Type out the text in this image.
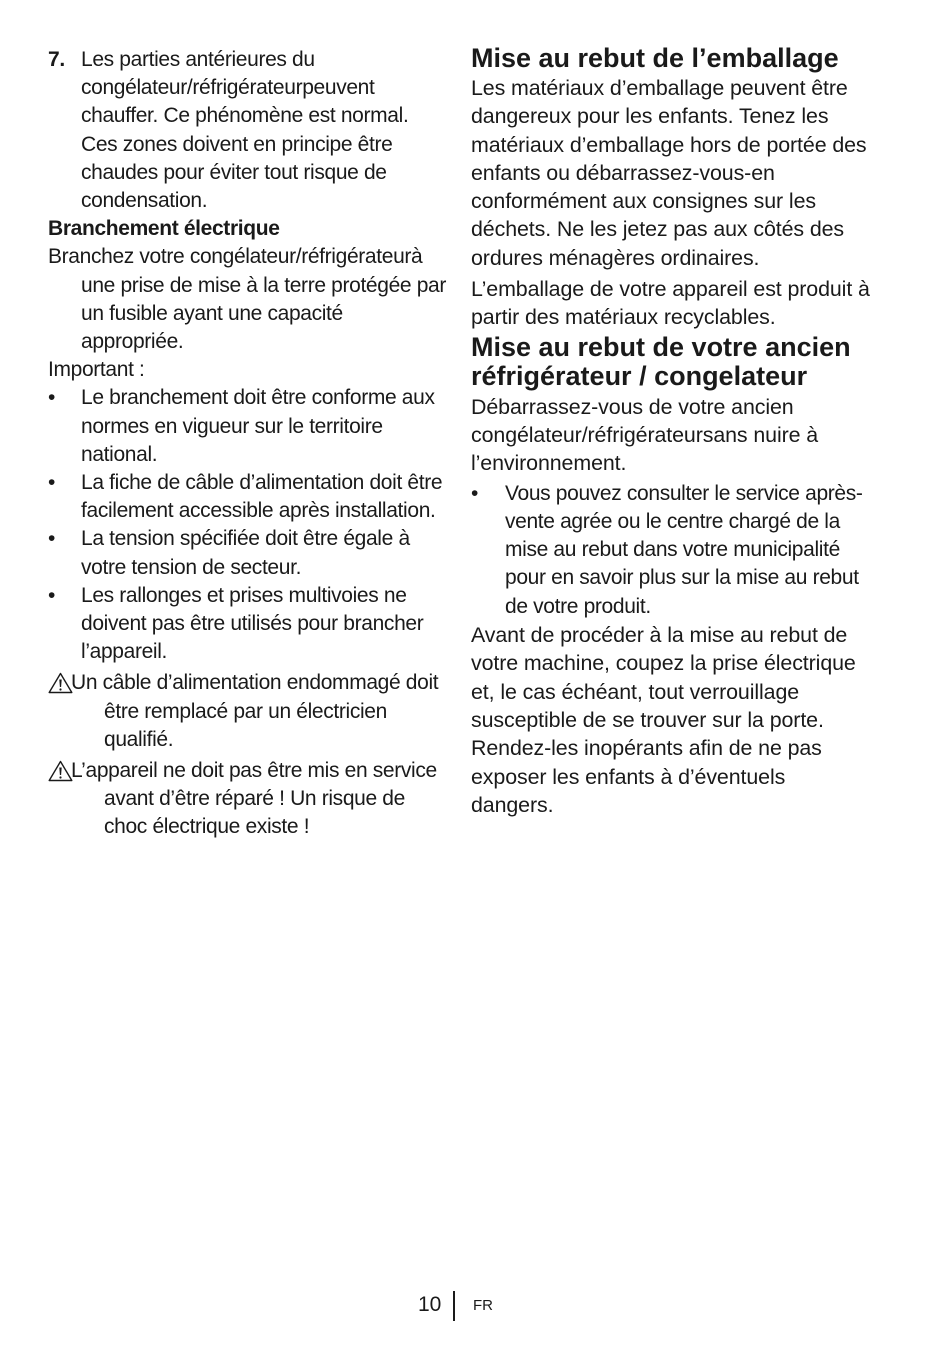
7. Les parties antérieures du congélateur/réfrigérateurpeuvent chauffer. Ce phénomène est normal. Ces zones doivent en principe être chaudes pour éviter tout risque de condensation.

Branchement électrique

Branchez votre congélateur/réfrigérateurà une prise de mise à la terre protégée par un fusible ayant une capacité appropriée.

Important :

•	Le branchement doit être conforme aux normes en vigueur sur le territoire national.
•	La fiche de câble d’alimentation doit être facilement accessible après installation.
•	La tension spécifiée doit être égale à votre tension de secteur.
•	Les rallonges et prises multivoies ne doivent pas être utilisés pour brancher l’appareil.

Un câble d’alimentation endommagé doit être remplacé par un électricien qualifié.

L’appareil ne doit pas être mis en service avant d’être réparé ! Un risque de choc électrique existe !

Mise au rebut de l’emballage

Les matériaux d’emballage peuvent être dangereux pour les enfants. Tenez les matériaux d’emballage hors de portée des enfants ou débarrassez-vous-en conformément aux consignes sur les déchets. Ne les jetez pas aux côtés des ordures ménagères ordinaires.

L’emballage de votre appareil est produit à partir des matériaux recyclables.

Mise au rebut de votre ancien réfrigérateur / congelateur

Débarrassez-vous de votre ancien congélateur/réfrigérateursans nuire à l’environnement.

•	Vous pouvez consulter le service après-vente agrée ou le centre chargé de la mise au rebut dans votre municipalité pour en savoir plus sur la mise au rebut de votre produit.

Avant de procéder à la mise au rebut de votre machine, coupez la prise électrique et, le cas échéant, tout verrouillage susceptible de se trouver sur la porte. Rendez-les inopérants afin de ne pas exposer les enfants à d’éventuels dangers.

10 FR
